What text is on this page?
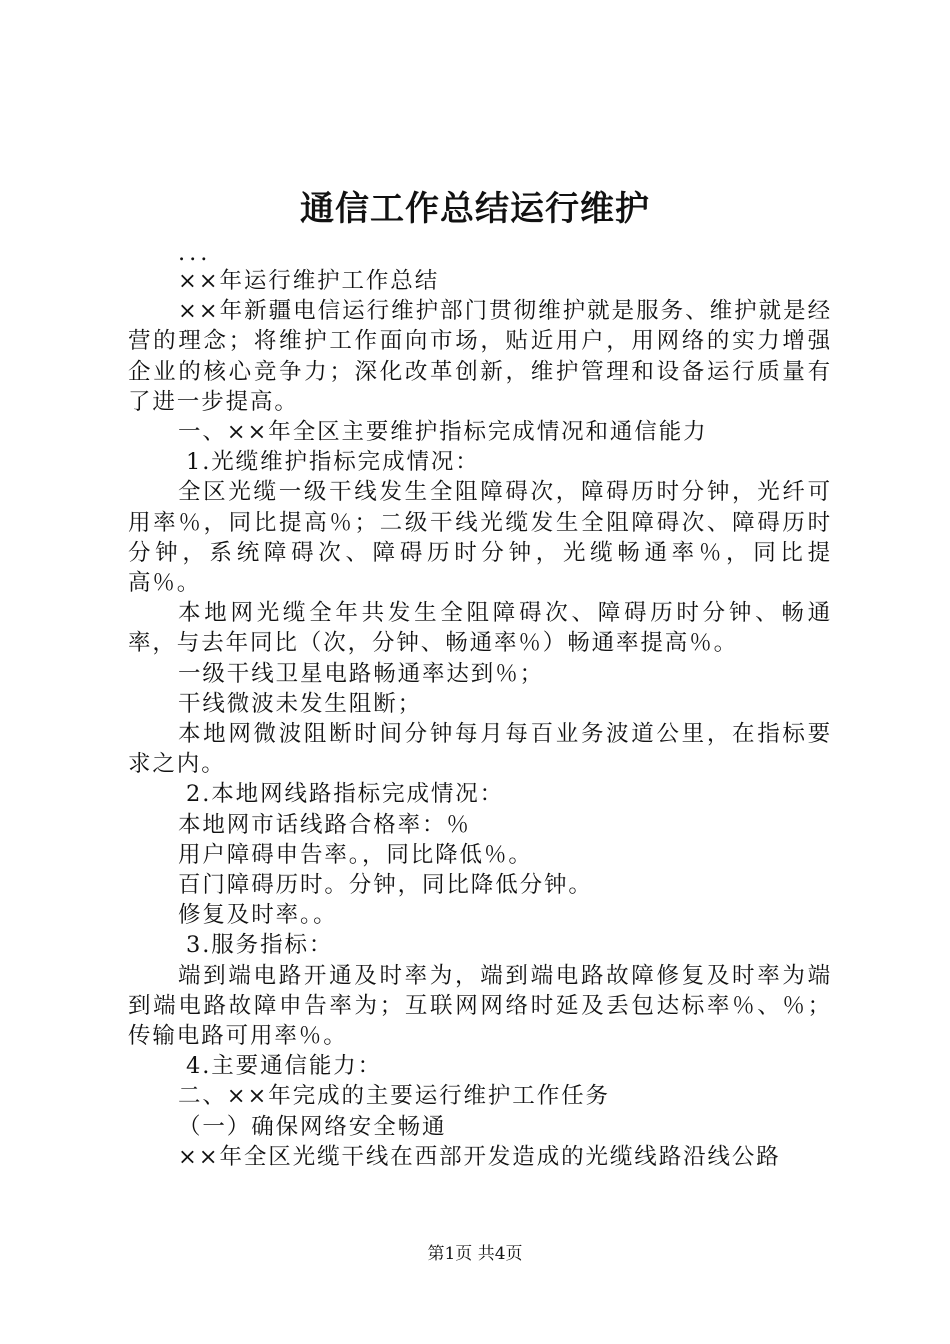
通信工作总结运行维护

...

××年运行维护工作总结

××年新疆电信运行维护部门贯彻维护就是服务、维护就是经营的理念；将维护工作面向市场，贴近用户，用网络的实力增强企业的核心竞争力；深化改革创新，维护管理和设备运行质量有了进一步提高。

一、××年全区主要维护指标完成情况和通信能力

1.光缆维护指标完成情况：

全区光缆一级干线发生全阻障碍次，障碍历时分钟，光纤可用率％，同比提高％；二级干线光缆发生全阻障碍次、障碍历时分钟，系统障碍次、障碍历时分钟，光缆畅通率％，同比提高％。

本地网光缆全年共发生全阻障碍次、障碍历时分钟、畅通率，与去年同比（次，分钟、畅通率％）畅通率提高％。

一级干线卫星电路畅通率达到％；

干线微波未发生阻断；

本地网微波阻断时间分钟每月每百业务波道公里，在指标要求之内。

2.本地网线路指标完成情况：

本地网市话线路合格率：％

用户障碍申告率。，同比降低％。

百门障碍历时。分钟，同比降低分钟。

修复及时率。。

3.服务指标：

端到端电路开通及时率为，端到端电路故障修复及时率为端到端电路故障申告率为；互联网网络时延及丢包达标率％、％；传输电路可用率％。

4.主要通信能力：

二、××年完成的主要运行维护工作任务

（一）确保网络安全畅通

××年全区光缆干线在西部开发造成的光缆线路沿线公路

第1页 共4页
